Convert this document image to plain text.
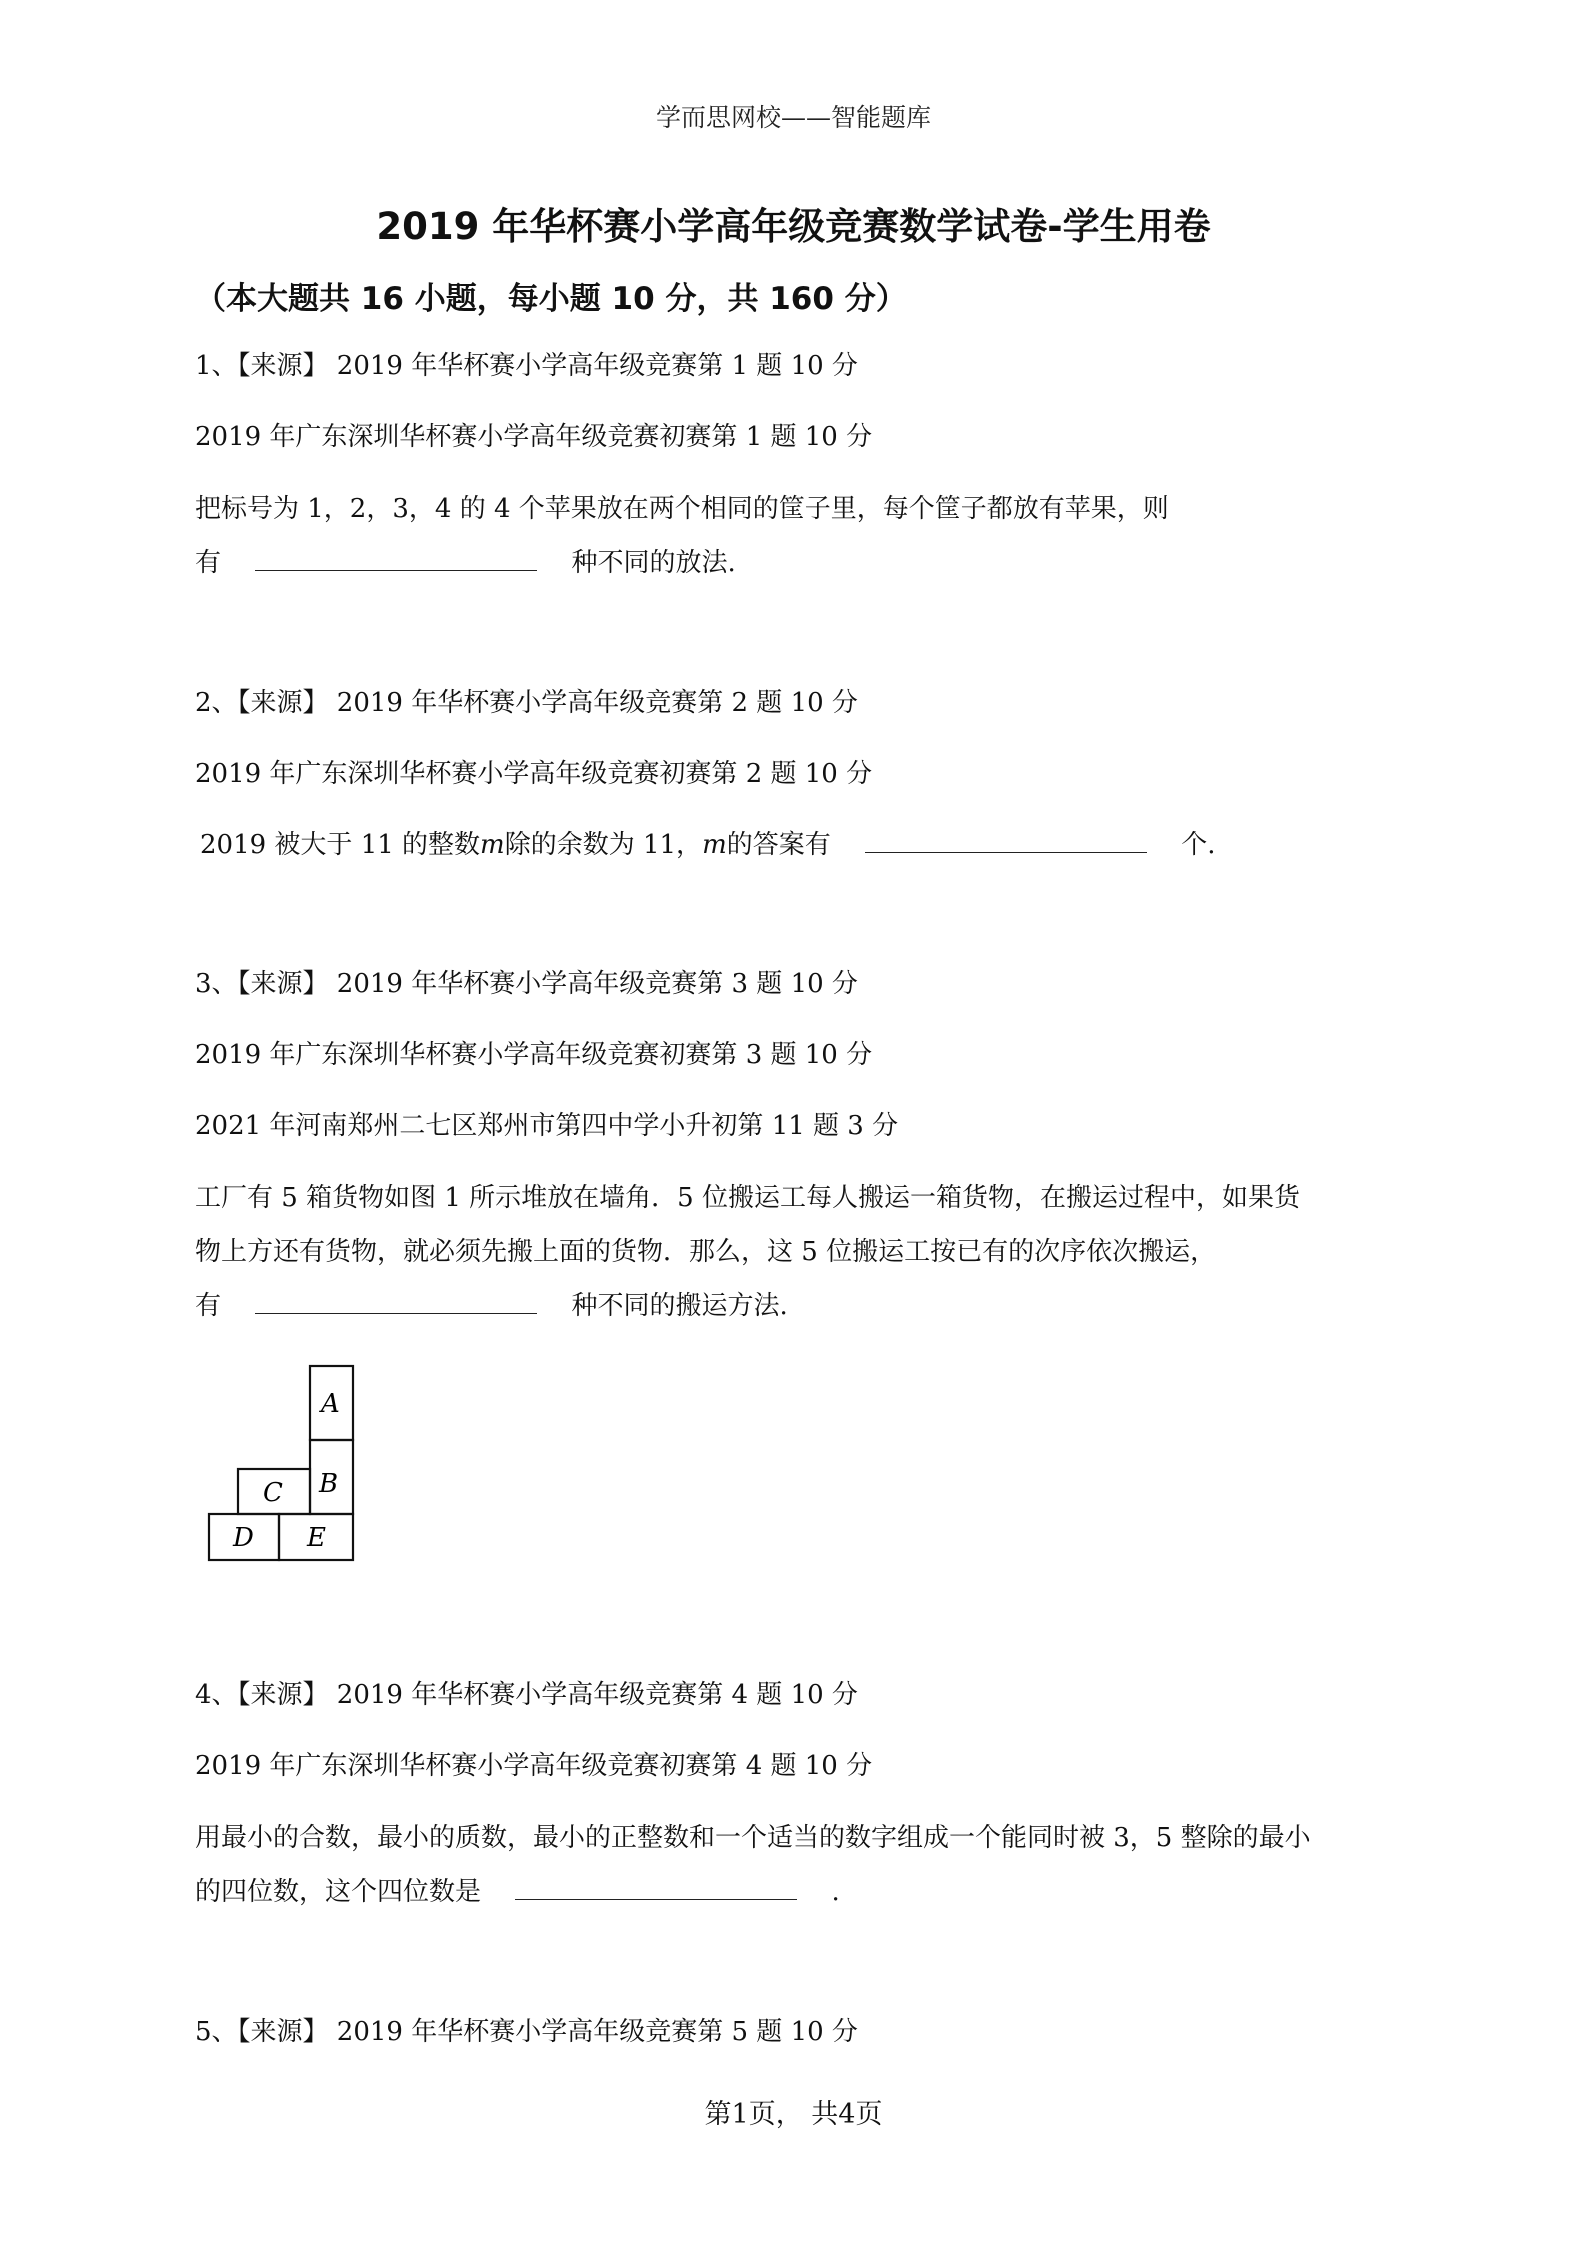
学而思网校——智能题库
2019 年华杯赛小学高年级竞赛数学试卷-学生用卷
（本大题共 16 小题，每小题 10 分，共 160 分）
1、【来源】 2019 年华杯赛小学高年级竞赛第 1 题 10 分
2019 年广东深圳华杯赛小学高年级竞赛初赛第 1 题 10 分
把标号为 1，2，3，4 的 4 个苹果放在两个相同的筐子里，每个筐子都放有苹果，则
有	种不同的放法.
2、【来源】 2019 年华杯赛小学高年级竞赛第 2 题 10 分
2019 年广东深圳华杯赛小学高年级竞赛初赛第 2 题 10 分
2019 被大于 11 的整数m除的余数为 11，m的答案有	个.
3、【来源】 2019 年华杯赛小学高年级竞赛第 3 题 10 分
2019 年广东深圳华杯赛小学高年级竞赛初赛第 3 题 10 分
2021 年河南郑州二七区郑州市第四中学小升初第 11 题 3 分
工厂有 5 箱货物如图 1 所示堆放在墙角．5 位搬运工每人搬运一箱货物，在搬运过程中，如果货
物上方还有货物，就必须先搬上面的货物．那么，这 5 位搬运工按已有的次序依次搬运，
有	种不同的搬运方法.
A
B
C
D E
4、【来源】 2019 年华杯赛小学高年级竞赛第 4 题 10 分
2019 年广东深圳华杯赛小学高年级竞赛初赛第 4 题 10 分
用最小的合数，最小的质数，最小的正整数和一个适当的数字组成一个能同时被 3，5 整除的最小
的四位数，这个四位数是	.
5、【来源】 2019 年华杯赛小学高年级竞赛第 5 题 10 分
第1页， 共4页
